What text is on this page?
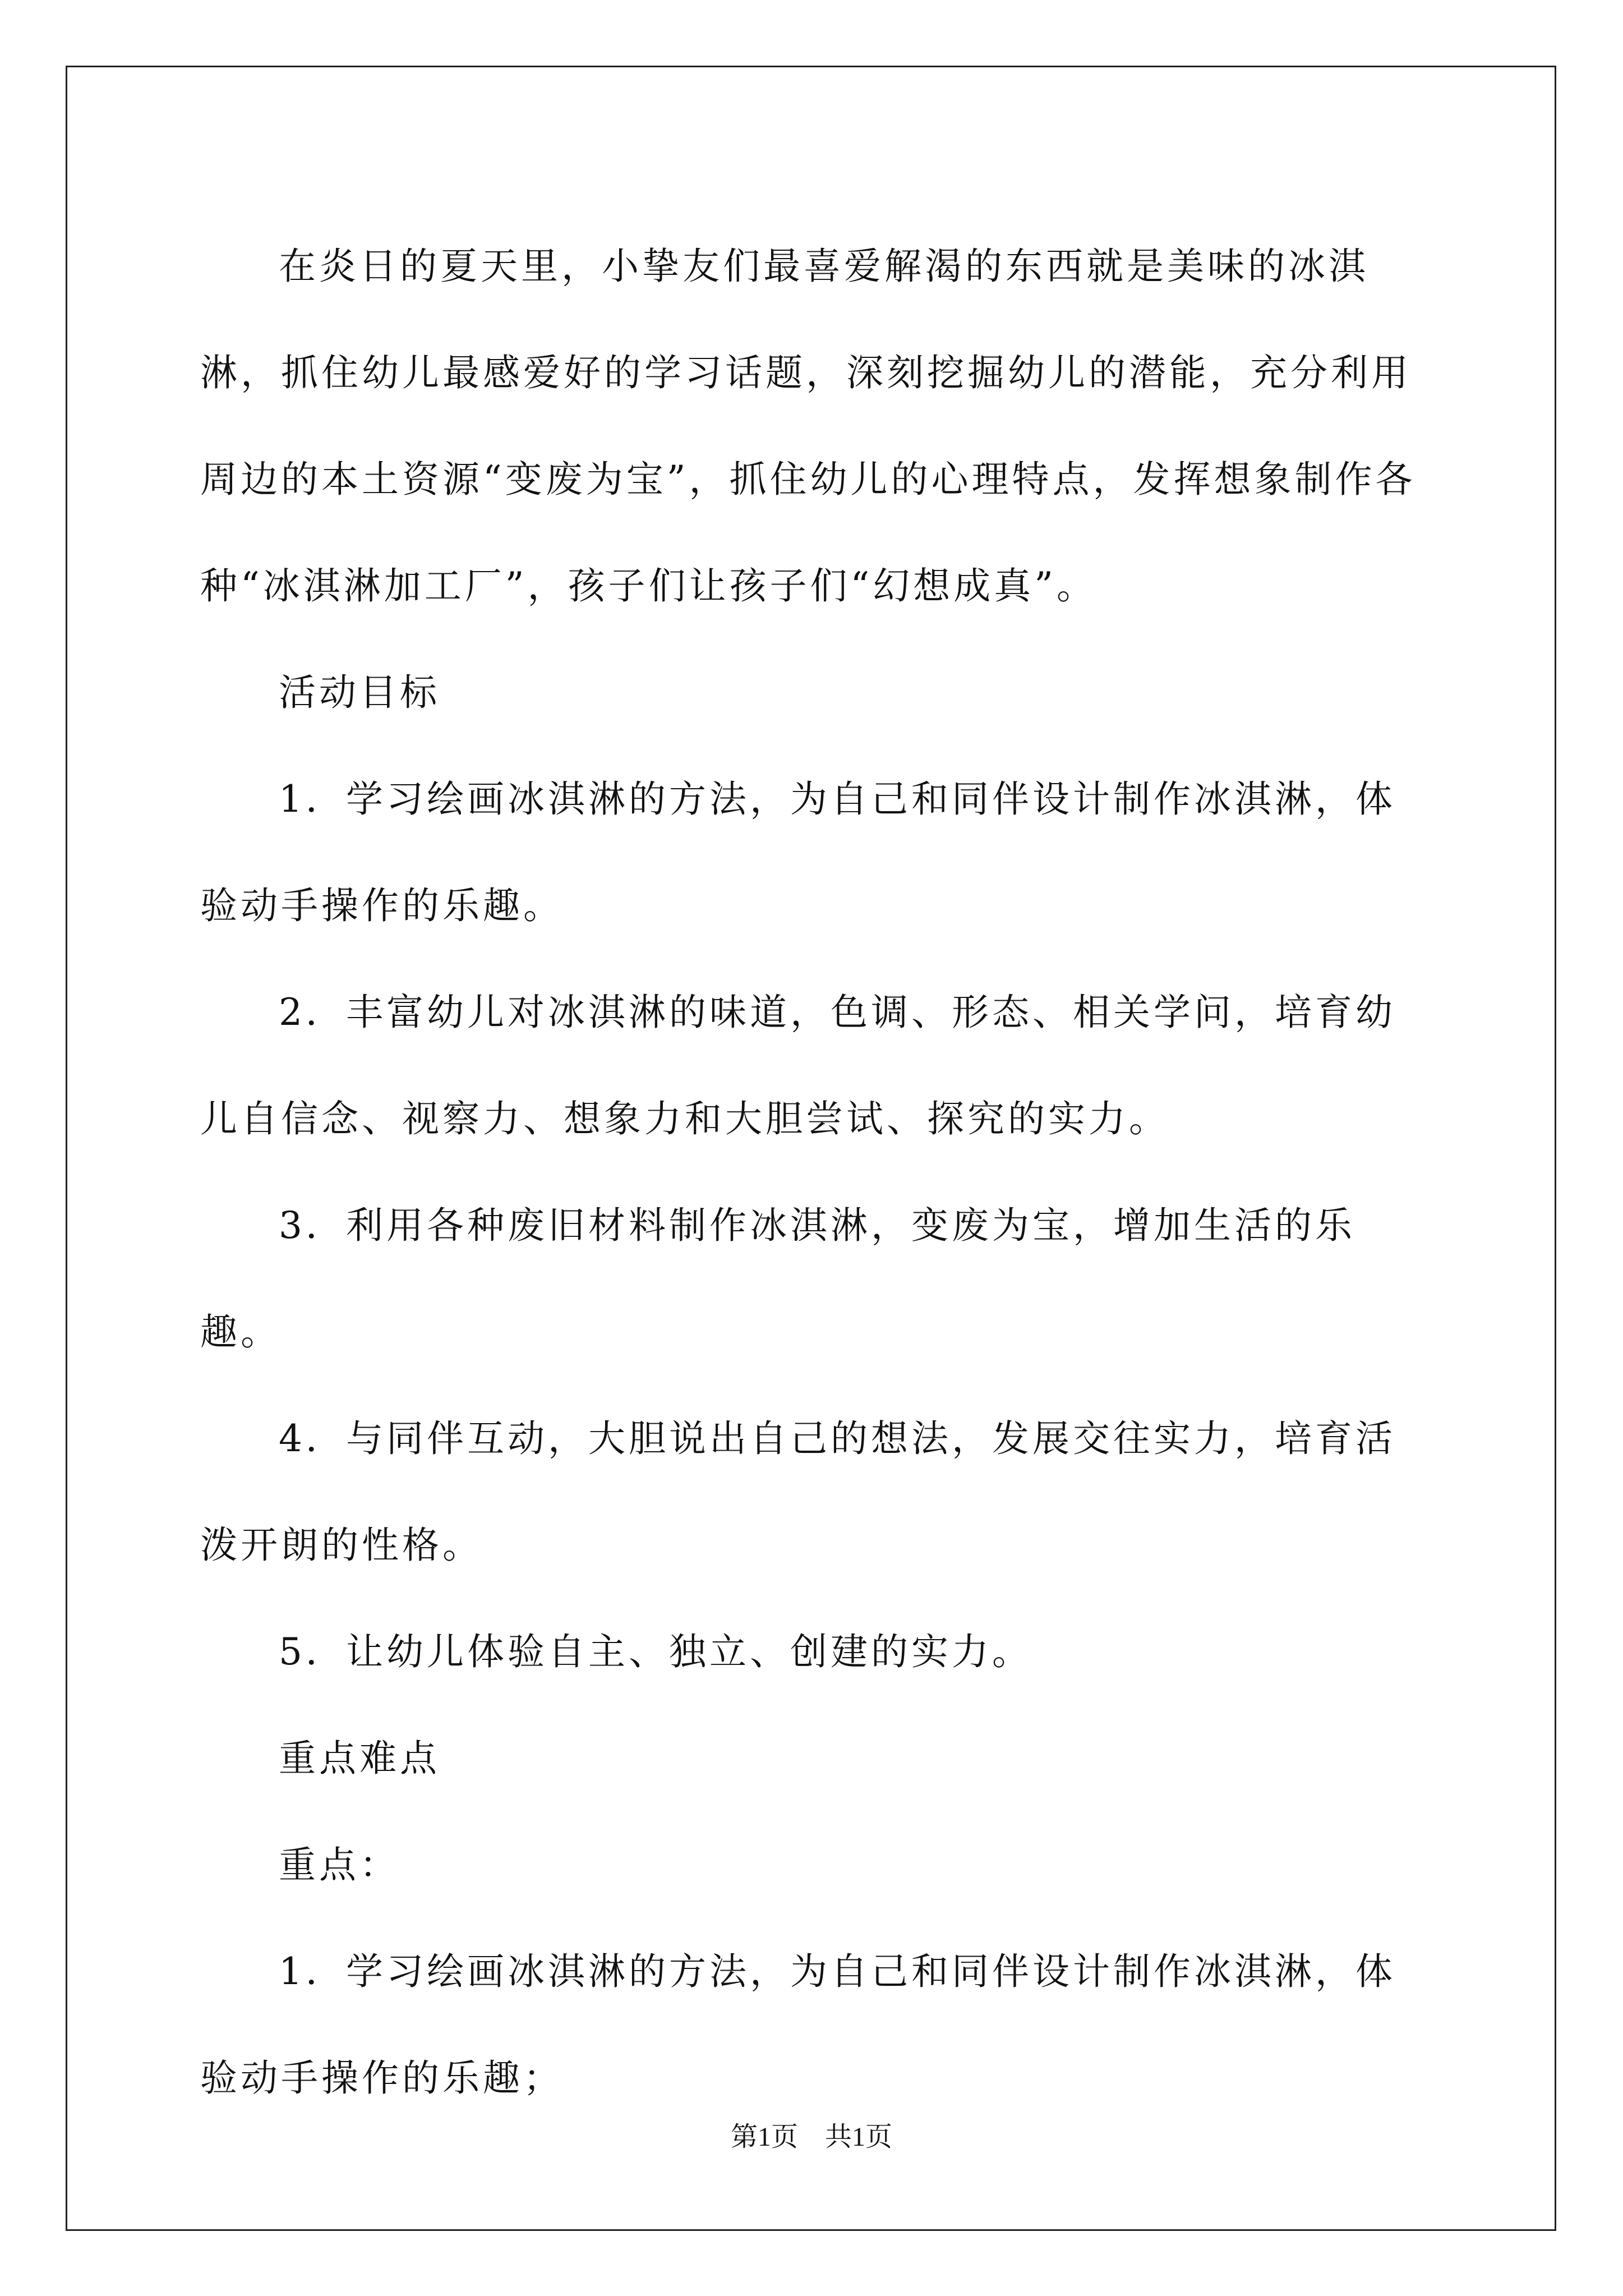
在炎日的夏天里，小挚友们最喜爱解渴的东西就是美味的冰淇淋，抓住幼儿最感爱好的学习话题，深刻挖掘幼儿的潜能，充分利用周边的本土资源“变废为宝”，抓住幼儿的心理特点，发挥想象制作各种“冰淇淋加工厂”，孩子们让孩子们“幻想成真”。

活动目标

1．学习绘画冰淇淋的方法，为自己和同伴设计制作冰淇淋，体验动手操作的乐趣。

2．丰富幼儿对冰淇淋的味道，色调、形态、相关学问，培育幼儿自信念、视察力、想象力和大胆尝试、探究的实力。

3．利用各种废旧材料制作冰淇淋，变废为宝，增加生活的乐趣。

4．与同伴互动，大胆说出自己的想法，发展交往实力，培育活泼开朗的性格。

5．让幼儿体验自主、独立、创建的实力。

重点难点

重点：

1．学习绘画冰淇淋的方法，为自己和同伴设计制作冰淇淋，体验动手操作的乐趣；

第1页　共1页
